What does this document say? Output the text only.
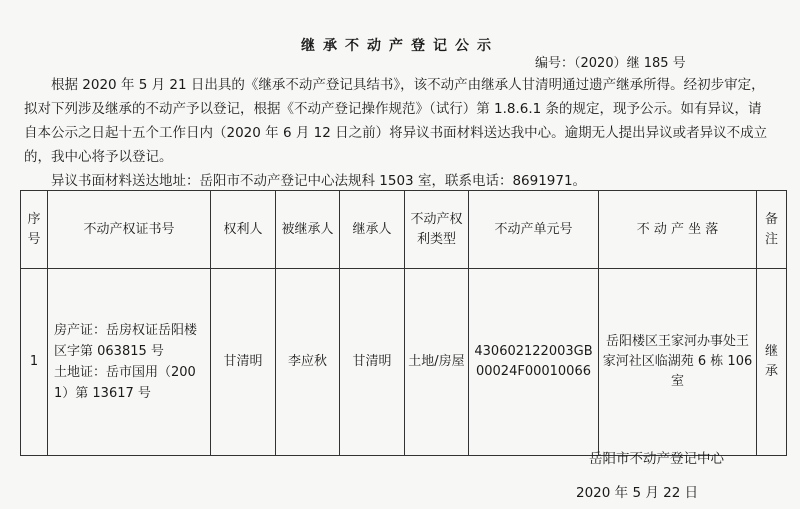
继承不动产登记公示
编号：（2020）继 185 号

根据 2020 年 5 月 21 日出具的《继承不动产登记具结书》，该不动产由继承人甘清明通过遗产继承所得。经初步审定， 拟对下列涉及继承的不动产予以登记，根据《不动产登记操作规范》（试行）第 1.8.6.1 条的规定，现予公示。如有异议，请自本公示之日起十五个工作日内（2020 年 6 月 12 日之前）将异议书面材料送达我中心。逾期无人提出异议或者异议不成立的，我中心将予以登记。

异议书面材料送达地址：岳阳市不动产登记中心法规科 1503 室，联系电话：8691971。
序号	不动产权证书号	权利人	被继承人	继承人	不动产权利类型	不动产单元号	不 动 产 坐 落	备注
1	房产证：岳房权证岳阳楼区字第 063815 号
土地证：岳市国用（2001）第 13617 号	甘清明	李应秋	甘清明	土地/房屋	430602122003GB00024F00010066	岳阳楼区王家河办事处王家河社区临湖苑 6 栋 106 室	继承
岳阳市不动产登记中心
2020 年 5 月 22 日
